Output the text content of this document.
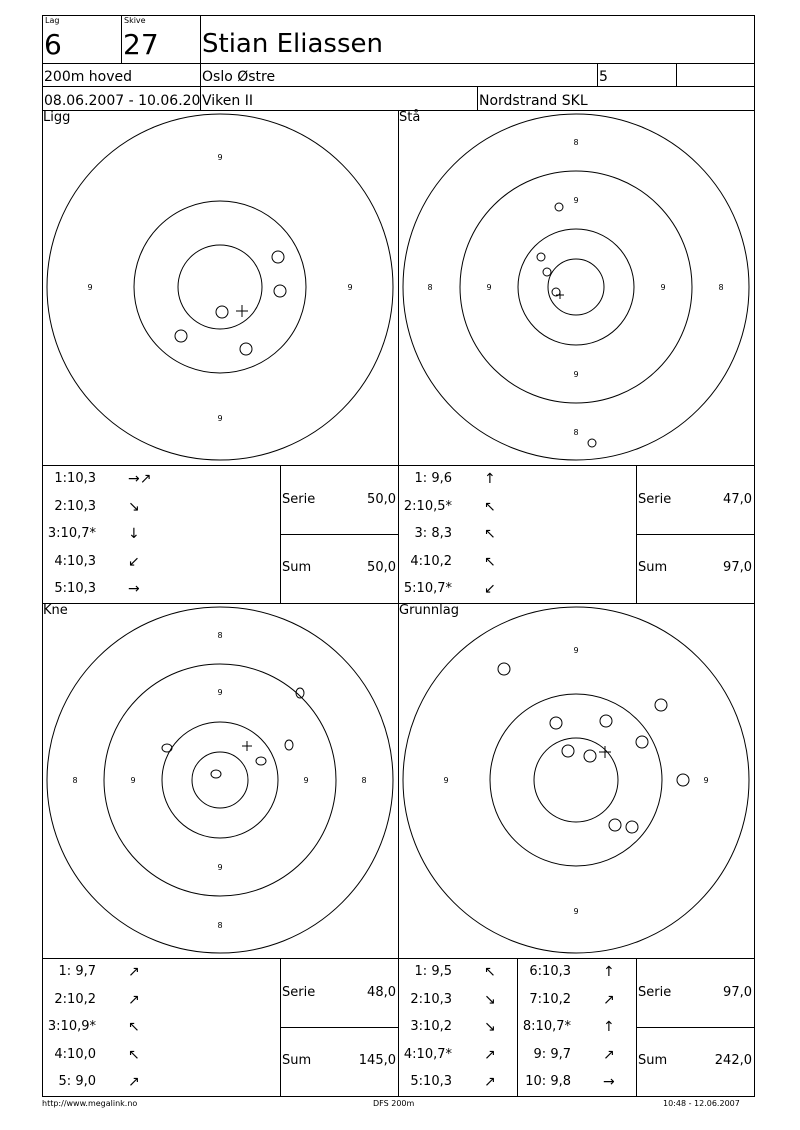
Lag
6
Skive
27 Stian Eliassen
200m hoved	Oslo Østre	5
08.06.2007 - 10.06.20 Viken II	Nordstrand SKL
Ligg	Stå
Kne	Grunnlag
9
9
9	9
8
8
8	8
9
9
9	9
8
8
8	8
9
9
9	9
9
9
9	9
1:10,3 →↗
2:10,3 ↘
3:10,7* ↓
4:10,3 ↙
5:10,3 →
1: 9,6 ↑
2:10,5* ↖
3: 8,3 ↖
4:10,2 ↖
5:10,7* ↙
1: 9,7 ↗
2:10,2 ↗
3:10,9* ↖
4:10,0 ↖
5: 9,0 ↗
1: 9,5 ↖
2:10,3 ↘
3:10,2 ↘
4:10,7* ↗
5:10,3 ↗
6:10,3 ↑
7:10,2 ↗
8:10,7* ↑
9: 9,7 ↗
10: 9,8 →
Serie	50,0
Sum	50,0
Serie	47,0
Sum	97,0
Serie	48,0
Sum	145,0
Serie	97,0
Sum	242,0
http://www.megalink.no	DFS 200m	10:48 - 12.06.2007
